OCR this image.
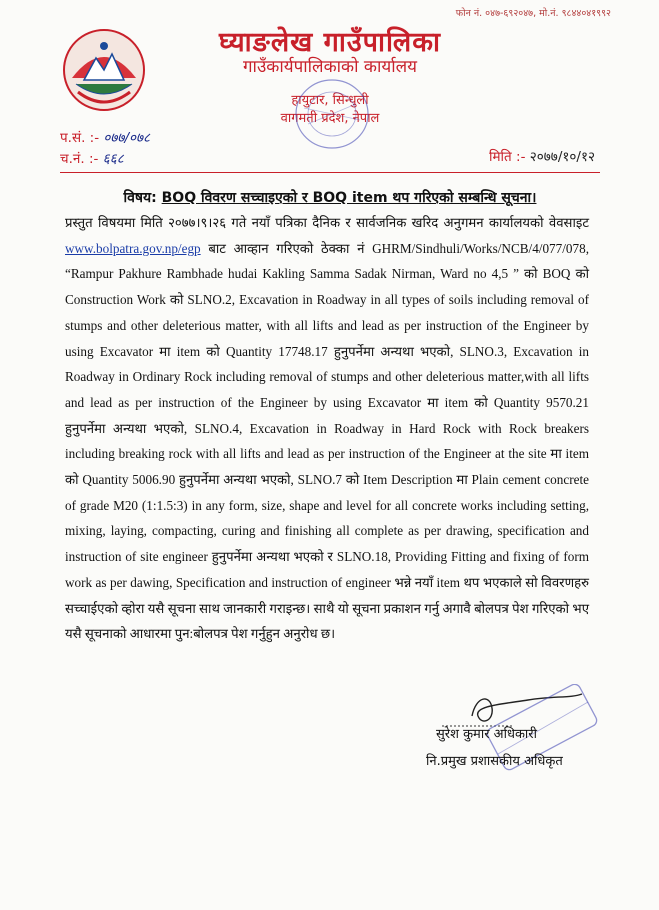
फोन नं. ०४७-६९२०४७, मो.नं. ९८४४०४१९९२
घ्याङलेख गाउँपालिका
गाउँकार्यपालिकाको कार्यालय
हायुटार, सिन्धुली
वागमती प्रदेश, नेपाल
प.सं. :- ०७७/०७८
च.नं. :- ६६८	मिति :- २०७७/१०/१२
विषय: BOQ विवरण सच्चाइएको र BOQ item थप गरिएको सम्बन्धि सूचना।
प्रस्तुत विषयमा मिति २०७७।९।२६ गते नयाँ पत्रिका दैनिक र सार्वजनिक खरिद अनुगमन कार्यालयको वेवसाइट www.bolpatra.gov.np/egp बाट आव्हान गरिएको ठेक्का नं GHRM/Sindhuli/Works/NCB/4/077/078, “Rampur Pakhure Rambhade hudai Kakling Samma Sadak Nirman, Ward no 4,5 ” को BOQ को Construction Work को SLNO.2, Excavation in Roadway in all types of soils including removal of stumps and other deleterious matter, with all lifts and lead as per instruction of the Engineer by using Excavator मा item को Quantity 17748.17 हुनुपर्नेमा अन्यथा भएको, SLNO.3, Excavation in Roadway in Ordinary Rock including removal of stumps and other deleterious matter,with all lifts and lead as per instruction of the Engineer by using Excavator मा item को Quantity 9570.21 हुनुपर्नेमा अन्यथा भएको, SLNO.4, Excavation in Roadway in Hard Rock with Rock breakers including breaking rock with all lifts and lead as per instruction of the Engineer at the site मा item को Quantity 5006.90 हुनुपर्नेमा अन्यथा भएको, SLNO.7 को Item Description मा Plain cement concrete of grade M20 (1:1.5:3) in any form, size, shape and level for all concrete works including setting, mixing, laying, compacting, curing and finishing all complete as per drawing, specification and instruction of site engineer हुनुपर्नेमा अन्यथा भएको र SLNO.18, Providing Fitting and fixing of form work as per dawing, Specification and instruction of engineer भन्ने नयाँ item थप भएकाले सो विवरणहरु सच्चाईएको व्होरा यसै सूचना साथ जानकारी गराइन्छ। साथै यो सूचना प्रकाशन गर्नु अगावै बोलपत्र पेश गरिएको भए यसै सूचनाको आधारमा पुन:बोलपत्र पेश गर्नुहुन अनुरोध छ।
सुरेश कुमार अधिकारी
नि.प्रमुख प्रशासकीय अधिकृत
